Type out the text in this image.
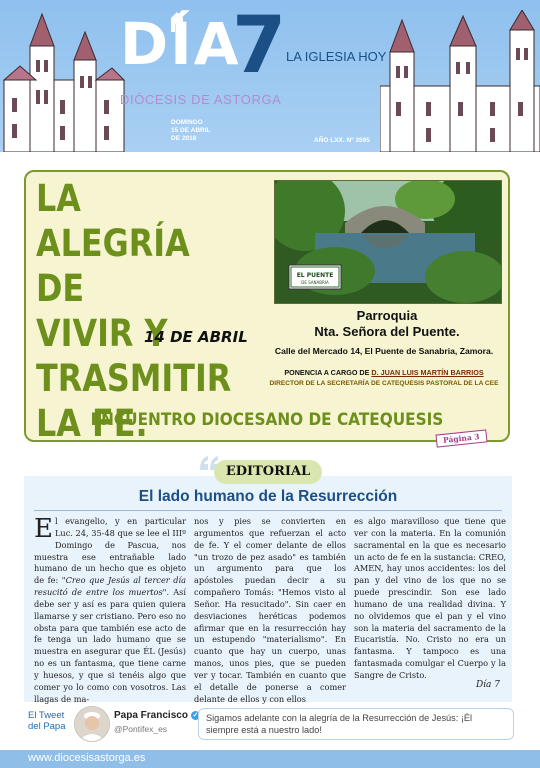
DÍA
7 LA IGLESIA HOY
DIÓCESIS DE ASTORGA
DOMINGO
15 DE ABRIL
DE 2018	AÑO LXX. Nº 3595
LA ALEGRÍA DE
VIVIR Y
TRASMITIR
LA FE.
14 DE ABRIL
EL PUENTE
DE SANABRIA
Parroquia
Nta. Señora del Puente.
Calle del Mercado 14, El Puente de Sanabria, Zamora.
PONENCIA A CARGO DE D. JUAN LUIS MARTÍN BARRIOS
DIRECTOR DE LA SECRETARÍA DE CATEQUESIS PASTORAL DE LA CEE
ENCUENTRO DIOCESANO DE CATEQUESIS
Página 3
El lado humano de la Resurrección
El evangelio, y en particular Luc. 24, 35-48 que se lee el IIIº Domingo de Pascua, nos muestra ese entrañable lado humano de un hecho que es objeto de fe: "Creo que Jesús al tercer día resucitó de entre los muertos". Así debe ser y así es para quien quiera llamarse y ser cristiano. Pero eso no obsta para que también ese acto de fe tenga un lado humano que se muestra en asegurar que ÉL (Jesús) no es un fantasma, que tiene carne y huesos, y que si tenéis algo que comer yo lo como con vosotros. Las llagas de ma-
nos y pies se convierten en argumentos que refuerzan el acto de fe. Y el comer delante de ellos "un trozo de pez asado" es también un argumento para que los apóstoles puedan decir a su compañero Tomás: "Hemos visto al Señor. Ha resucitado". Sin caer en desviaciones heréticas podemos afirmar que en la resurrección hay un estupendo "materialismo". En cuanto que hay un cuerpo, unas manos, unos pies, que se pueden ver y tocar. También en cuanto que el detalle de ponerse a comer delante de ellos y con ellos
es algo maravilloso que tiene que ver con la materia. En la comunión sacramental en la que es necesario un acto de fe en la sustancia: CREO, AMEN, hay unos accidentes: los del pan y del vino de los que no se puede prescindir. Son ese lado humano de una realidad divina. Y no olvidemos que el pan y el vino son la materia del sacramento de la Eucaristía. No. Cristo no era un fantasma. Y tampoco es una fantasmada comulgar el Cuerpo y la Sangre de Cristo.
Día 7
EDITORIAL
El Tweet
del Papa
Papa Francisco ✓
@Pontifex_es
Sigamos adelante con la alegría de la Resurrección de Jesús: ¡Él siempre está a nuestro lado!
www.diocesisastorga.es
